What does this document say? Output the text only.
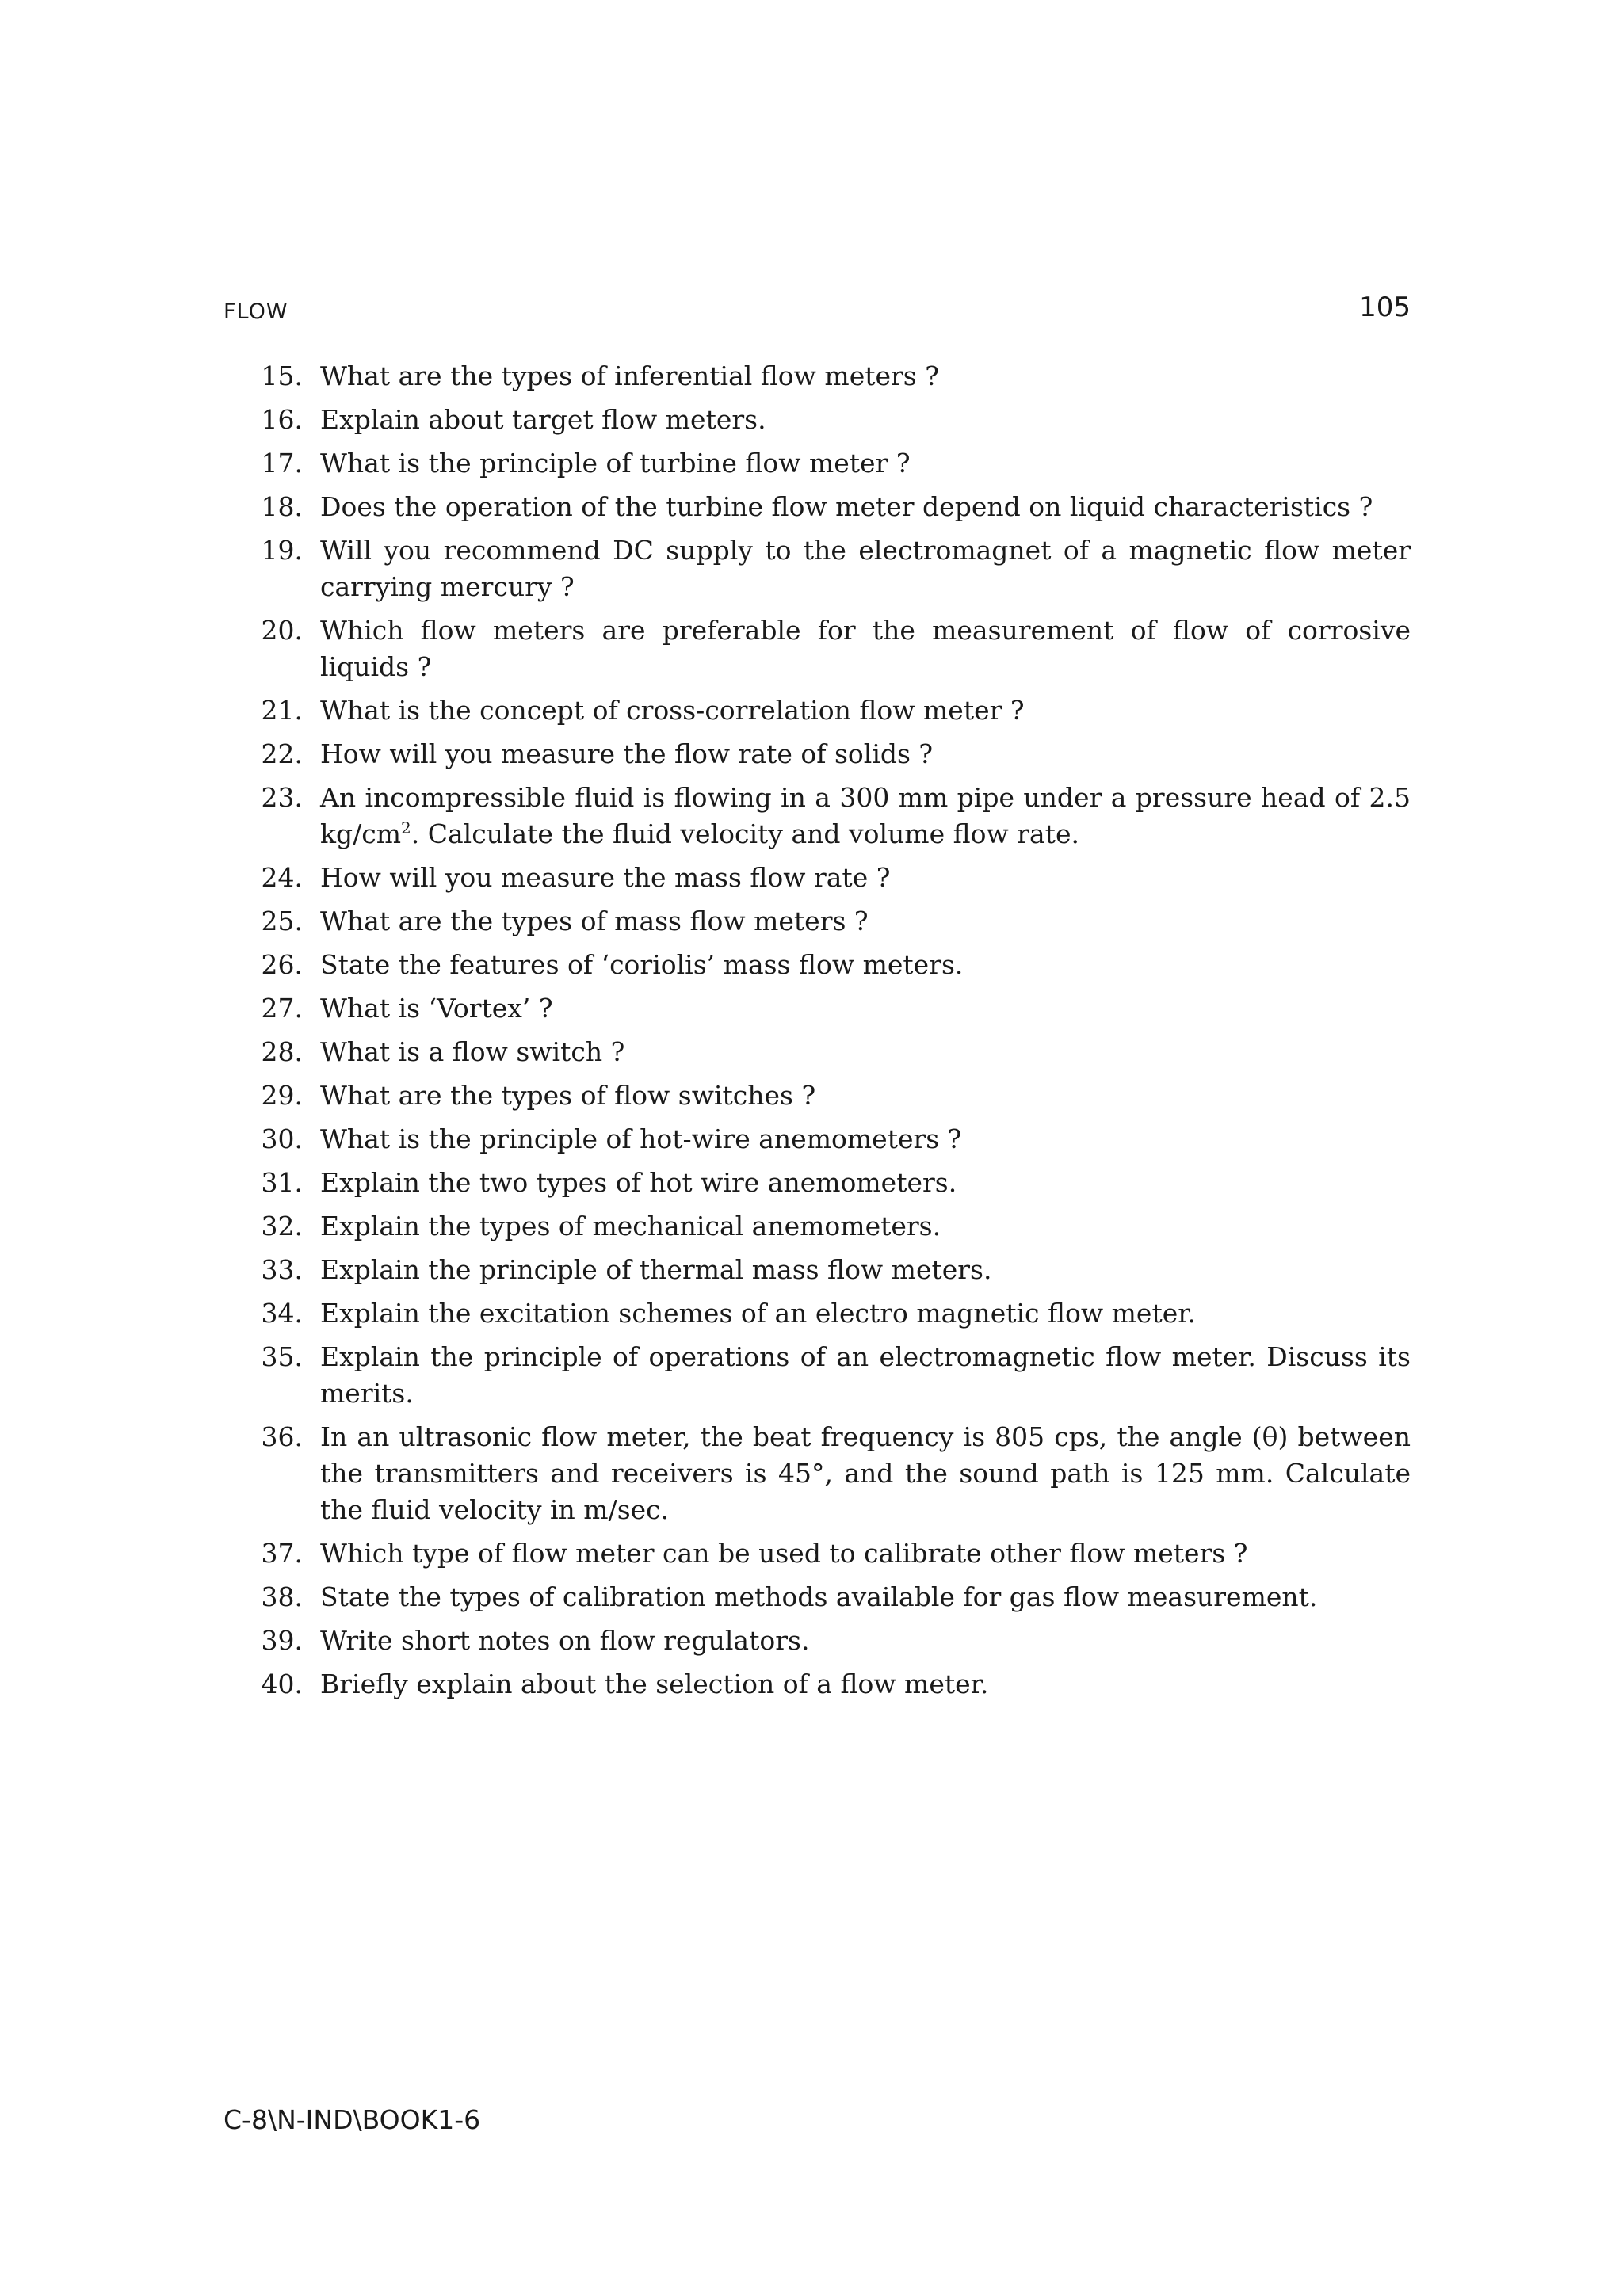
FLOW	105
15. What are the types of inferential flow meters ?
16. Explain about target flow meters.
17. What is the principle of turbine flow meter ?
18. Does the operation of the turbine flow meter depend on liquid characteristics ?
19. Will you recommend DC supply to the electromagnet of a magnetic flow meter carrying mercury ?
20. Which flow meters are preferable for the measurement of flow of corrosive liquids ?
21. What is the concept of cross-correlation flow meter ?
22. How will you measure the flow rate of solids ?
23. An incompressible fluid is flowing in a 300 mm pipe under a pressure head of 2.5 $kg/cm^2$. Calculate the fluid velocity and volume flow rate.
24. How will you measure the mass flow rate ?
25. What are the types of mass flow meters ?
26. State the features of ‘coriolis’ mass flow meters.
27. What is ‘Vortex’ ?
28. What is a flow switch ?
29. What are the types of flow switches ?
30. What is the principle of hot-wire anemometers ?
31. Explain the two types of hot wire anemometers.
32. Explain the types of mechanical anemometers.
33. Explain the principle of thermal mass flow meters.
34. Explain the excitation schemes of an electro magnetic flow meter.
35. Explain the principle of operations of an electromagnetic flow meter. Discuss its merits.
36. In an ultrasonic flow meter, the beat frequency is 805 cps, the angle (θ) between the transmitters and receivers is 45°, and the sound path is 125 mm. Calculate the fluid velocity in m/sec.
37. Which type of flow meter can be used to calibrate other flow meters ?
38. State the types of calibration methods available for gas flow measurement.
39. Write short notes on flow regulators.
40. Briefly explain about the selection of a flow meter.
C-8\N-IND\BOOK1-6
